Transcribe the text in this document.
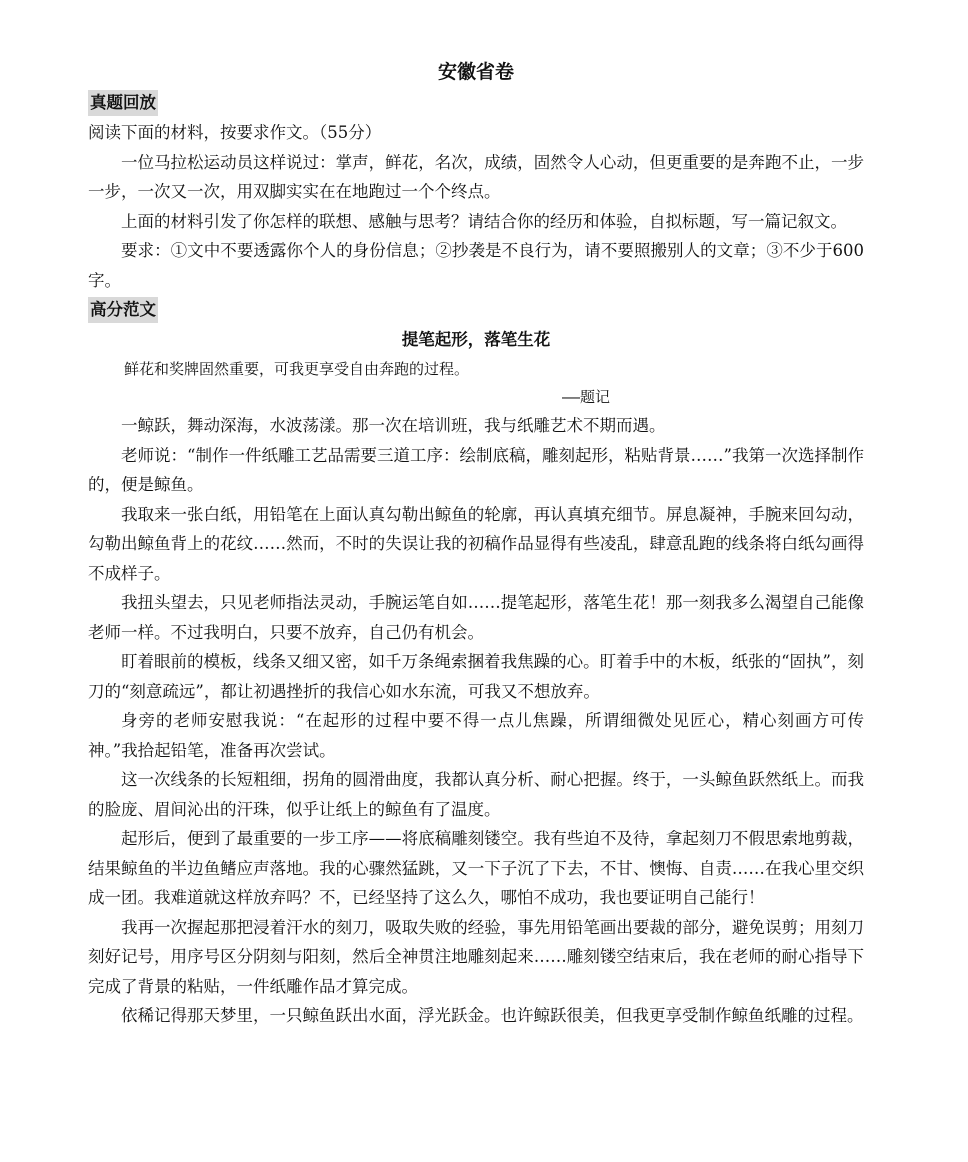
安徽省卷
真题回放

阅读下面的材料，按要求作文。（55分）

一位马拉松运动员这样说过：掌声，鲜花，名次，成绩，固然令人心动，但更重要的是奔跑不止，一步一步，一次又一次，用双脚实实在在地跑过一个个终点。

上面的材料引发了你怎样的联想、感触与思考？请结合你的经历和体验，自拟标题，写一篇记叙文。

要求：①文中不要透露你个人的身份信息；②抄袭是不良行为，请不要照搬别人的文章；③不少于600字。

高分范文
提笔起形，落笔生花

鲜花和奖牌固然重要，可我更享受自由奔跑的过程。

——题记

一鲸跃，舞动深海，水波荡漾。那一次在培训班，我与纸雕艺术不期而遇。

老师说：“制作一件纸雕工艺品需要三道工序：绘制底稿，雕刻起形，粘贴背景……”我第一次选择制作的，便是鲸鱼。

我取来一张白纸，用铅笔在上面认真勾勒出鲸鱼的轮廓，再认真填充细节。屏息凝神，手腕来回勾动，勾勒出鲸鱼背上的花纹……然而，不时的失误让我的初稿作品显得有些凌乱，肆意乱跑的线条将白纸勾画得不成样子。

我扭头望去，只见老师指法灵动，手腕运笔自如……提笔起形，落笔生花！那一刻我多么渴望自己能像老师一样。不过我明白，只要不放弃，自己仍有机会。

盯着眼前的模板，线条又细又密，如千万条绳索捆着我焦躁的心。盯着手中的木板，纸张的“固执”，刻刀的“刻意疏远”，都让初遇挫折的我信心如水东流，可我又不想放弃。

身旁的老师安慰我说：“在起形的过程中要不得一点儿焦躁，所谓细微处见匠心，精心刻画方可传神。”我拾起铅笔，准备再次尝试。

这一次线条的长短粗细，拐角的圆滑曲度，我都认真分析、耐心把握。终于，一头鲸鱼跃然纸上。而我的脸庞、眉间沁出的汗珠，似乎让纸上的鲸鱼有了温度。

起形后，便到了最重要的一步工序——将底稿雕刻镂空。我有些迫不及待，拿起刻刀不假思索地剪裁，结果鲸鱼的半边鱼鳍应声落地。我的心骤然猛跳，又一下子沉了下去，不甘、懊悔、自责……在我心里交织成一团。我难道就这样放弃吗？不，已经坚持了这么久，哪怕不成功，我也要证明自己能行！

我再一次握起那把浸着汗水的刻刀，吸取失败的经验，事先用铅笔画出要裁的部分，避免误剪；用刻刀刻好记号，用序号区分阴刻与阳刻，然后全神贯注地雕刻起来……雕刻镂空结束后，我在老师的耐心指导下完成了背景的粘贴，一件纸雕作品才算完成。

依稀记得那天梦里，一只鲸鱼跃出水面，浮光跃金。也许鲸跃很美，但我更享受制作鲸鱼纸雕的过程。
